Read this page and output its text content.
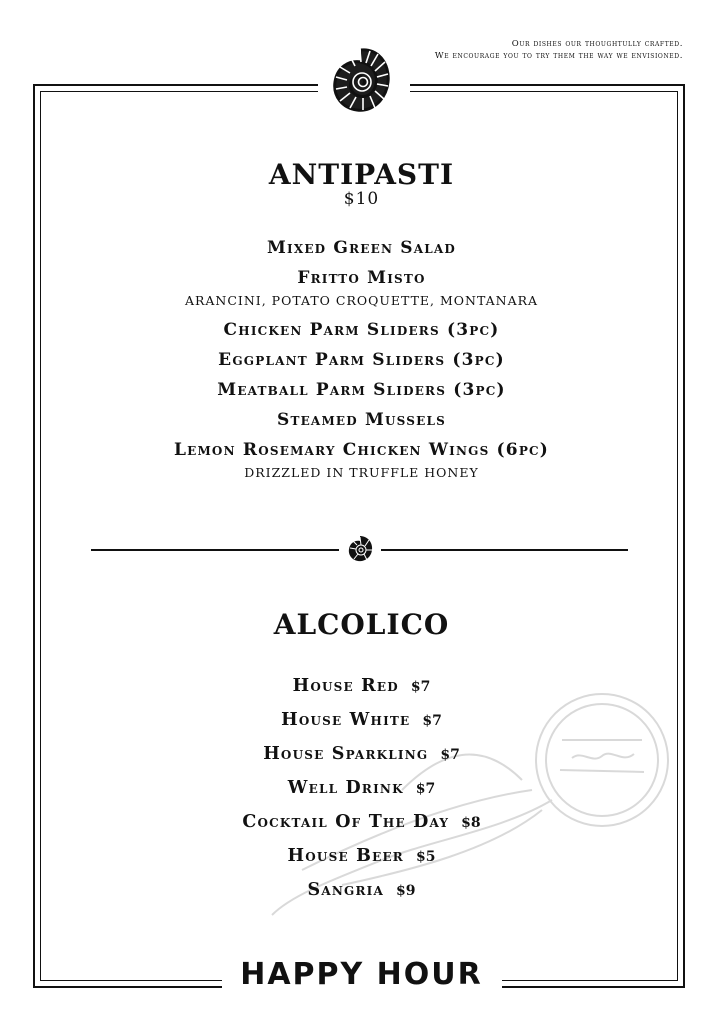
Our dishes our thoughtully crafted.
We encourage you to try them the way we envisioned.
ANTIPASTI
$10
Mixed Green Salad
Fritto Misto
ARANCINI, POTATO CROQUETTE, MONTANARA
Chicken Parm Sliders (3pc)
Eggplant Parm Sliders (3pc)
Meatball Parm Sliders (3pc)
Steamed Mussels
Lemon Rosemary Chicken Wings (6pc)
DRIZZLED IN TRUFFLE HONEY
ALCOLICO
House Red $7
House White $7
House Sparkling $7
Well Drink $7
Cocktail Of The Day $8
House Beer $5
Sangria $9
HAPPY HOUR
